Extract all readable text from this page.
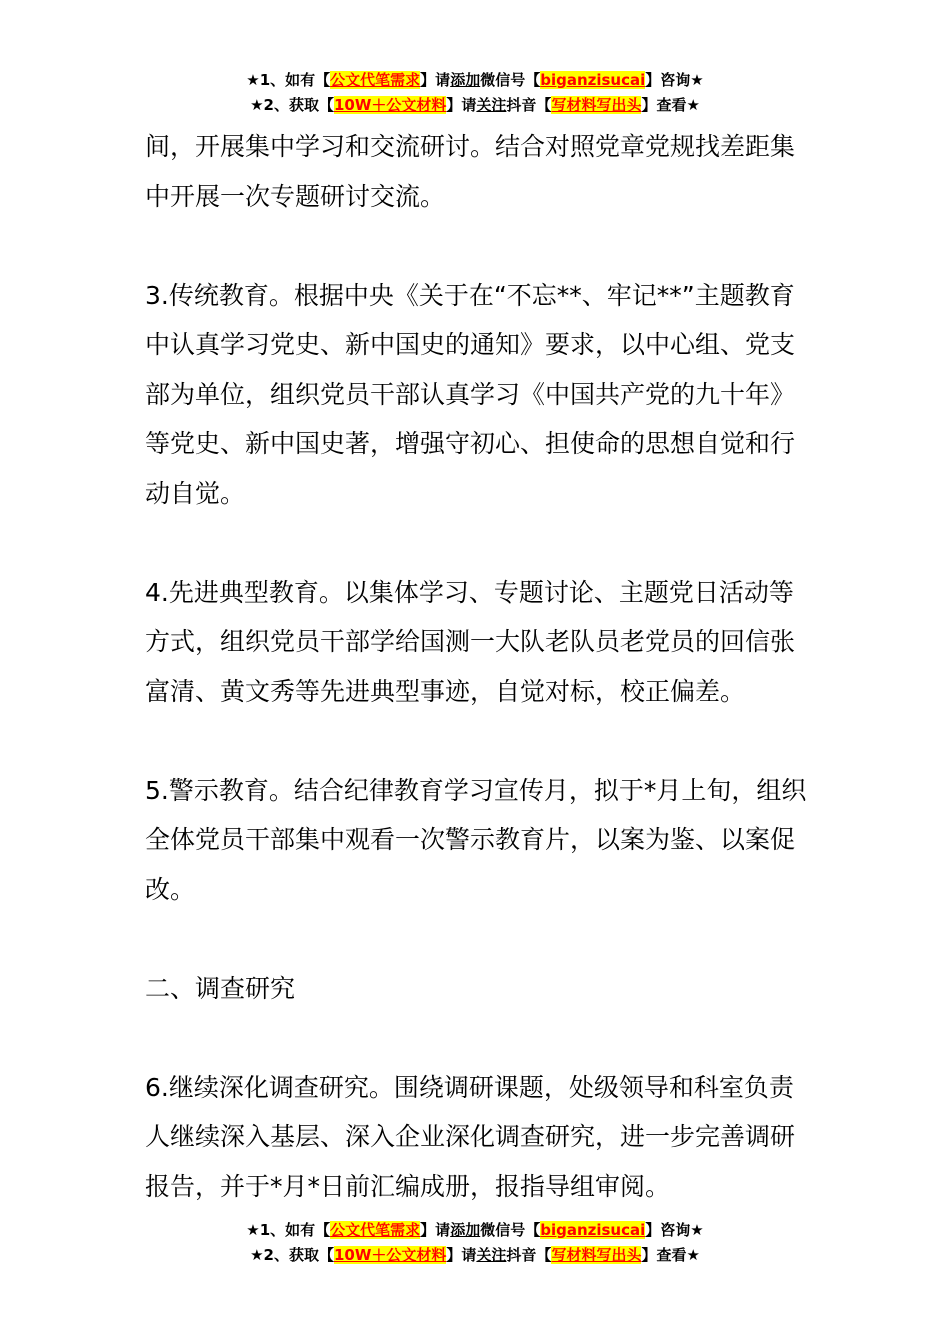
★1、如有【公文代笔需求】请添加微信号【biganzisucai】咨询★
★2、获取【10W＋公文材料】请关注抖音【写材料写出头】查看★

间，开展集中学习和交流研讨。结合对照党章党规找差距集中开展一次专题研讨交流。

3.传统教育。根据中央《关于在“不忘**、牢记**”主题教育中认真学习党史、新中国史的通知》要求，以中心组、党支部为单位，组织党员干部认真学习《中国共产党的九十年》等党史、新中国史著，增强守初心、担使命的思想自觉和行动自觉。

4.先进典型教育。以集体学习、专题讨论、主题党日活动等方式，组织党员干部学给国测一大队老队员老党员的回信张富清、黄文秀等先进典型事迹，自觉对标，校正偏差。

5.警示教育。结合纪律教育学习宣传月，拟于*月上旬，组织全体党员干部集中观看一次警示教育片，以案为鉴、以案促改。

二、调查研究

6.继续深化调查研究。围绕调研课题，处级领导和科室负责人继续深入基层、深入企业深化调查研究，进一步完善调研报告，并于*月*日前汇编成册，报指导组审阅。

★1、如有【公文代笔需求】请添加微信号【biganzisucai】咨询★
★2、获取【10W＋公文材料】请关注抖音【写材料写出头】查看★
